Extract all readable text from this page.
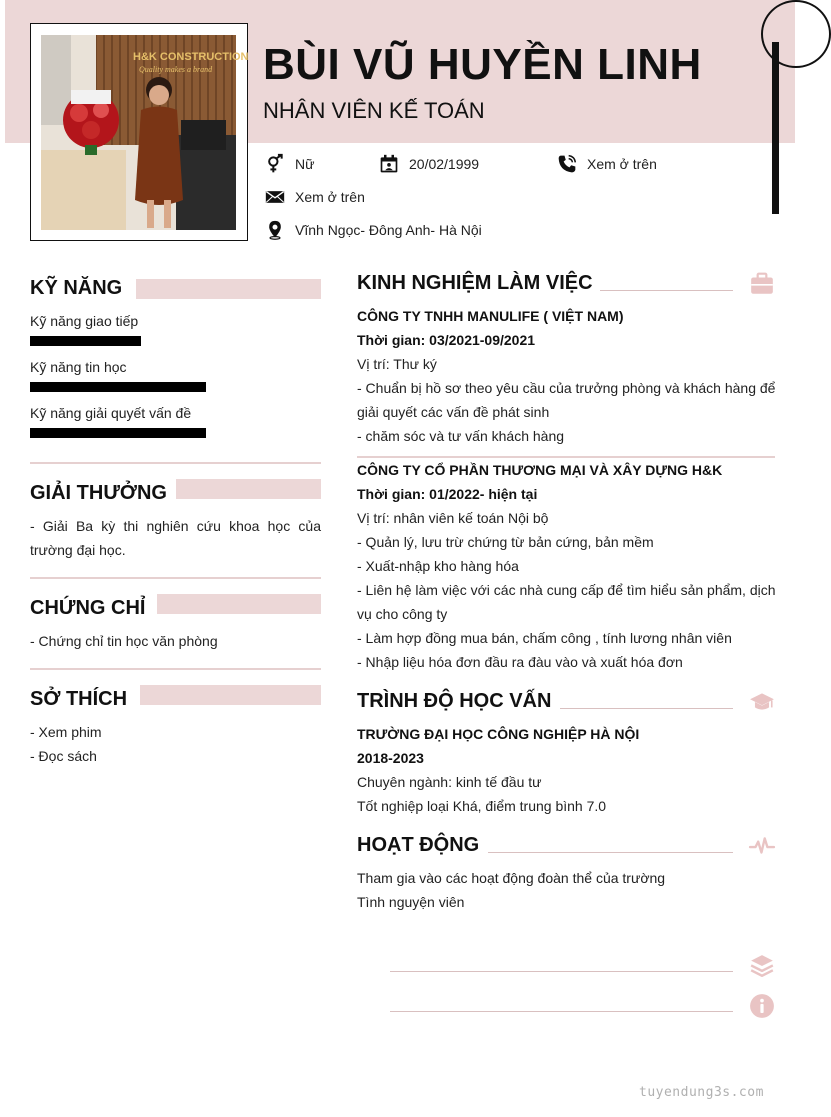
H&K CONSTRUCTION
Quality makes a brand BÙI VŨ HUYỀN LINH
NHÂN VIÊN KẾ TOÁN
Nữ	20/02/1999	Xem ở trên
Xem ở trên
Vĩnh Ngọc- Đông Anh- Hà Nội
KỸ NĂNG
Kỹ năng giao tiếp
Kỹ năng tin học
Kỹ năng giải quyết vấn đề
GIẢI THƯỞNG
- Giải Ba kỳ thi nghiên cứu khoa học của trường đại học.
CHỨNG CHỈ
- Chứng chỉ tin học văn phòng
SỞ THÍCH
- Xem phim
- Đọc sách
KINH NGHIỆM LÀM VIỆC
CÔNG TY TNHH MANULIFE ( VIỆT NAM)
Thời gian: 03/2021-09/2021
Vị trí: Thư ký
- Chuẩn bị hồ sơ theo yêu cầu của trưởng phòng và khách hàng để
giải quyết các vấn đề phát sinh
- chăm sóc và tư vấn khách hàng
CÔNG TY CỔ PHẦN THƯƠNG MẠI VÀ XÂY DỰNG H&K
Thời gian: 01/2022- hiện tại
Vị trí: nhân viên kế toán Nội bộ
- Quản lý, lưu trừ chứng từ bản cứng, bản mềm
- Xuất-nhập kho hàng hóa
- Liên hệ làm việc với các nhà cung cấp để tìm hiểu sản phẩm, dịch
vụ cho công ty
- Làm hợp đồng mua bán, chấm công , tính lương nhân viên
- Nhập liệu hóa đơn đầu ra đàu vào và xuất hóa đơn
TRÌNH ĐỘ HỌC VẤN
TRƯỜNG ĐẠI HỌC CÔNG NGHIỆP HÀ NỘI
2018-2023
Chuyên ngành: kinh tế đầu tư
Tốt nghiệp loại Khá, điểm trung bình 7.0
HOẠT ĐỘNG
Tham gia vào các hoạt động đoàn thể của trường
Tình nguyện viên
tuyendung3s.com
